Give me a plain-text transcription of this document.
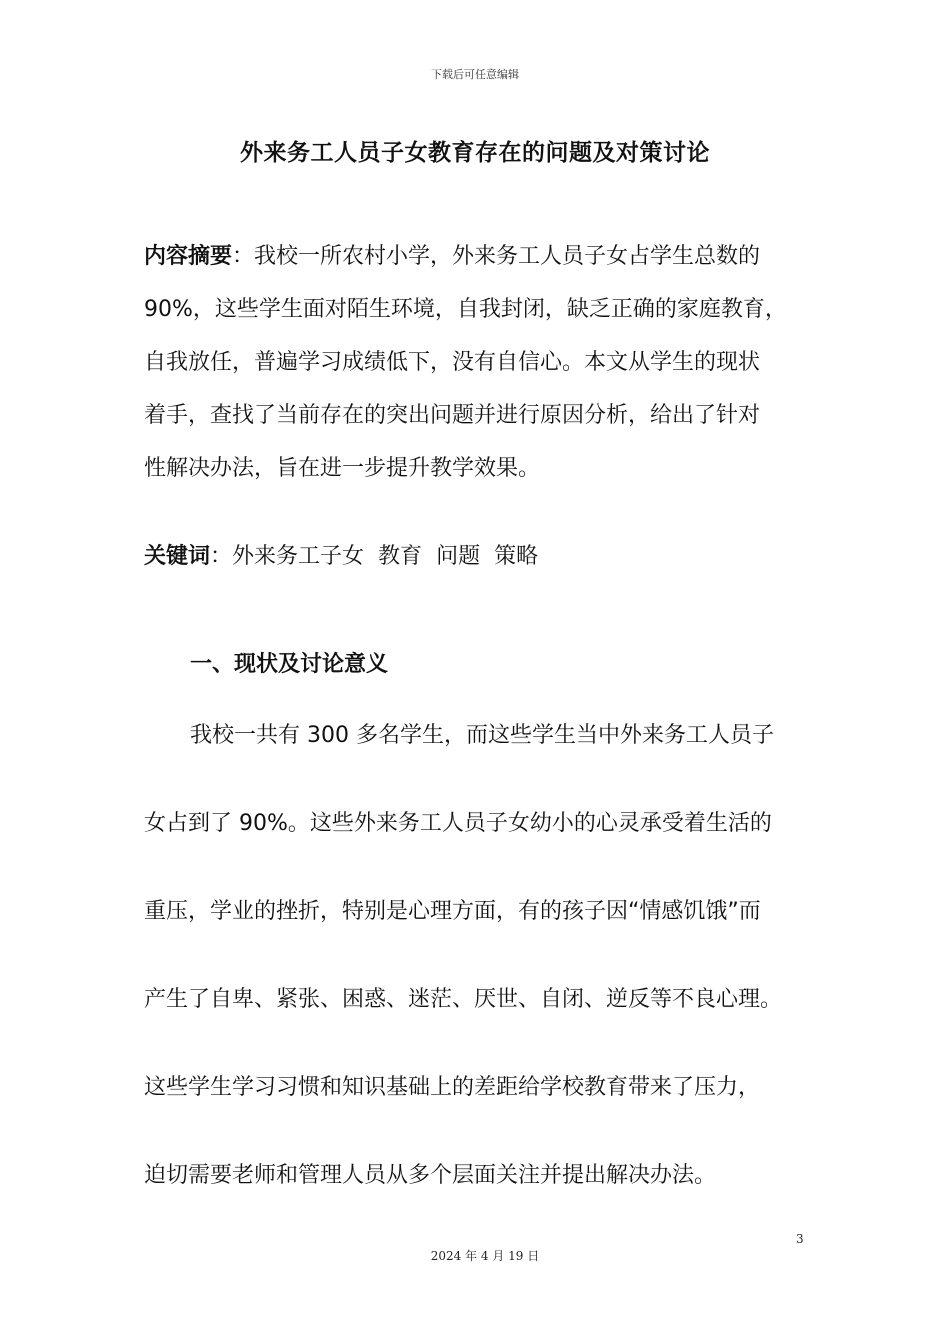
下载后可任意编辑
外来务工人员子女教育存在的问题及对策讨论
内容摘要：我校一所农村小学，外来务工人员子女占学生总数的
90%，这些学生面对陌生环境，自我封闭，缺乏正确的家庭教育，
自我放任，普遍学习成绩低下，没有自信心。本文从学生的现状
着手，查找了当前存在的突出问题并进行原因分析，给出了针对
性解决办法，旨在进一步提升教学效果。
关键词：外来务工子女 教育 问题 策略
一、现状及讨论意义
我校一共有 300 多名学生，而这些学生当中外来务工人员子
女占到了 90%。这些外来务工人员子女幼小的心灵承受着生活的
重压，学业的挫折，特别是心理方面，有的孩子因“情感饥饿”而
产生了自卑、紧张、困惑、迷茫、厌世、自闭、逆反等不良心理。
这些学生学习习惯和知识基础上的差距给学校教育带来了压力，
迫切需要老师和管理人员从多个层面关注并提出解决办法。
3
2024 年 4 月 19 日
